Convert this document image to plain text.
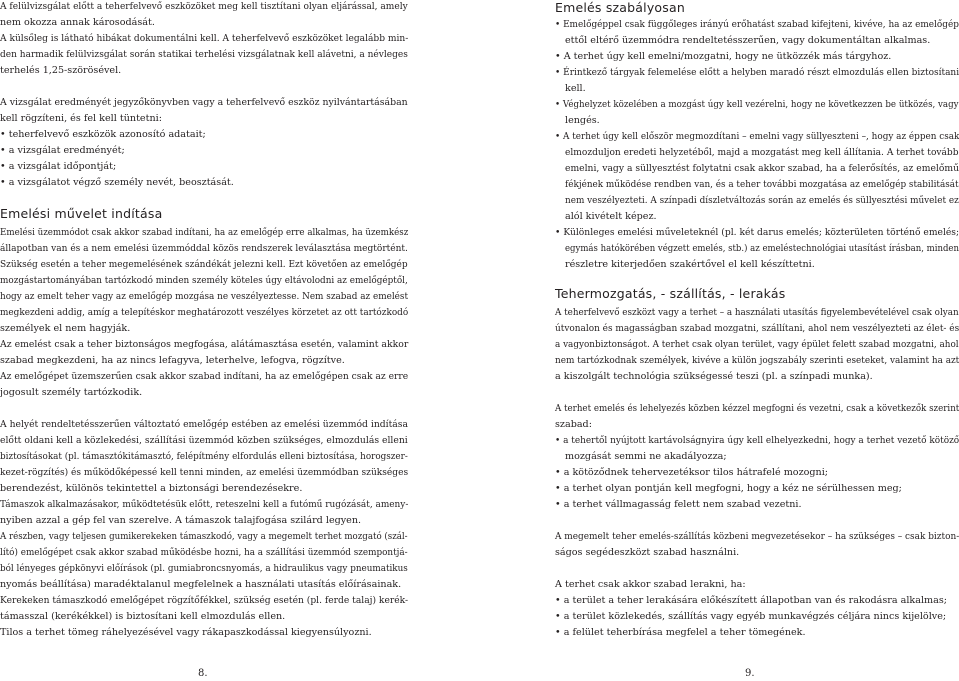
A felülvizsgálat előtt a teherfelvevő eszközöket meg kell tisztítani olyan eljárással, amely
nem okozza annak károsodását.
A külsőleg is látható hibákat dokumentálni kell. A teherfelvevő eszközöket legalább min-
den harmadik felülvizsgálat során statikai terhelési vizsgálatnak kell alávetni, a névleges
terhelés 1,25-szörösével.
A vizsgálat eredményét jegyzőkönyvben vagy a teherfelvevő eszköz nyilvántartásában
kell rögzíteni, és fel kell tüntetni:
• teherfelvevő eszközök azonosító adatait;
• a vizsgálat eredményét;
• a vizsgálat időpontját;
• a vizsgálatot végző személy nevét, beosztását.
Emelési művelet indítása
Emelési üzemmódot csak akkor szabad indítani, ha az emelőgép erre alkalmas, ha üzemkész
állapotban van és a nem emelési üzemmóddal közös rendszerek leválasztása megtörtént.
Szükség esetén a teher megemelésének szándékát jelezni kell. Ezt követően az emelőgép
mozgástartományában tartózkodó minden személy köteles úgy eltávolodni az emelőgéptől,
hogy az emelt teher vagy az emelőgép mozgása ne veszélyeztesse. Nem szabad az emelést
megkezdeni addig, amíg a telepítéskor meghatározott veszélyes körzetet az ott tartózkodó
személyek el nem hagyják.
Az emelést csak a teher biztonságos megfogása, alátámasztása esetén, valamint akkor
szabad megkezdeni, ha az nincs lefagyva, leterhelve, lefogva, rögzítve.
Az emelőgépet üzemszerűen csak akkor szabad indítani, ha az emelőgépen csak az erre
jogosult személy tartózkodik.
A helyét rendeltetésszerűen változtató emelőgép estében az emelési üzemmód indítása
előtt oldani kell a közlekedési, szállítási üzemmód közben szükséges, elmozdulás elleni
biztosításokat (pl. támasztókitámasztó, felépítmény elfordulás elleni biztosítása, horogszer-
kezet-rögzítés) és működőképessé kell tenni minden, az emelési üzemmódban szükséges
berendezést, különös tekintettel a biztonsági berendezésekre.
Támaszok alkalmazásakor, működtetésük előtt, reteszelni kell a futómű rugózását, ameny-
nyiben azzal a gép fel van szerelve. A támaszok talajfogása szilárd legyen.
A részben, vagy teljesen gumikerekeken támaszkodó, vagy a megemelt terhet mozgató (szál-
lító) emelőgépet csak akkor szabad működésbe hozni, ha a szállítási üzemmód szempontjá-
ból lényeges gépkönyvi előírások (pl. gumiabroncsnyomás, a hidraulikus vagy pneumatikus
nyomás beállítása) maradéktalanul megfelelnek a használati utasítás előírásainak.
Kerekeken támaszkodó emelőgépet rögzítőfékkel, szükség esetén (pl. ferde talaj) kerék-
támasszal (kerékékkel) is biztosítani kell elmozdulás ellen.
Tilos a terhet tömeg ráhelyezésével vagy rákapaszkodással kiegyensúlyozni.
8.
Emelés szabályosan
• Emelőgéppel csak függőleges irányú erőhatást szabad kifejteni, kivéve, ha az emelőgép
ettől eltérő üzemmódra rendeltetésszerűen, vagy dokumentáltan alkalmas.
• A terhet úgy kell emelni/mozgatni, hogy ne ütközzék más tárgyhoz.
• Érintkező tárgyak felemelése előtt a helyben maradó részt elmozdulás ellen biztosítani
kell.
• Véghelyzet közelében a mozgást úgy kell vezérelni, hogy ne következzen be ütközés, vagy
lengés.
• A terhet úgy kell először megmozdítani – emelni vagy süllyeszteni –, hogy az éppen csak
elmozduljon eredeti helyzetéből, majd a mozgatást meg kell állítania. A terhet tovább
emelni, vagy a süllyesztést folytatni csak akkor szabad, ha a felerősítés, az emelőmű
fékjének működése rendben van, és a teher további mozgatása az emelőgép stabilitását
nem veszélyezteti. A színpadi díszletváltozás során az emelés és süllyesztési művelet ez
alól kivételt képez.
• Különleges emelési műveleteknél (pl. két darus emelés; közterületen történő emelés;
egymás hatókörében végzett emelés, stb.) az emeléstechnológiai utasítást írásban, minden
részletre kiterjedően szakértővel el kell készíttetni.
Tehermozgatás, - szállítás, - lerakás
A teherfelvevő eszközt vagy a terhet – a használati utasítás figyelembevételével csak olyan
útvonalon és magasságban szabad mozgatni, szállítani, ahol nem veszélyezteti az élet- és
a vagyonbiztonságot. A terhet csak olyan terület, vagy épület felett szabad mozgatni, ahol
nem tartózkodnak személyek, kivéve a külön jogszabály szerinti eseteket, valamint ha azt
a kiszolgált technológia szükségessé teszi (pl. a színpadi munka).
A terhet emelés és lehelyezés közben kézzel megfogni és vezetni, csak a következők szerint
szabad:
• a tehertől nyújtott kartávolságnyira úgy kell elhelyezkedni, hogy a terhet vezető kötöző
mozgását semmi ne akadályozza;
• a kötöződnek tehervezetéksor tilos hátrafelé mozogni;
• a terhet olyan pontján kell megfogni, hogy a kéz ne sérülhessen meg;
• a terhet vállmagasság felett nem szabad vezetni.
A megemelt teher emelés-szállítás közbeni megvezetésekor – ha szükséges – csak bizton-
ságos segédeszközt szabad használni.
A terhet csak akkor szabad lerakni, ha:
• a terület a teher lerakására előkészített állapotban van és rakodásra alkalmas;
• a terület közlekedés, szállítás vagy egyéb munkavégzés céljára nincs kijelölve;
• a felület teherbírása megfelel a teher tömegének.
9.
